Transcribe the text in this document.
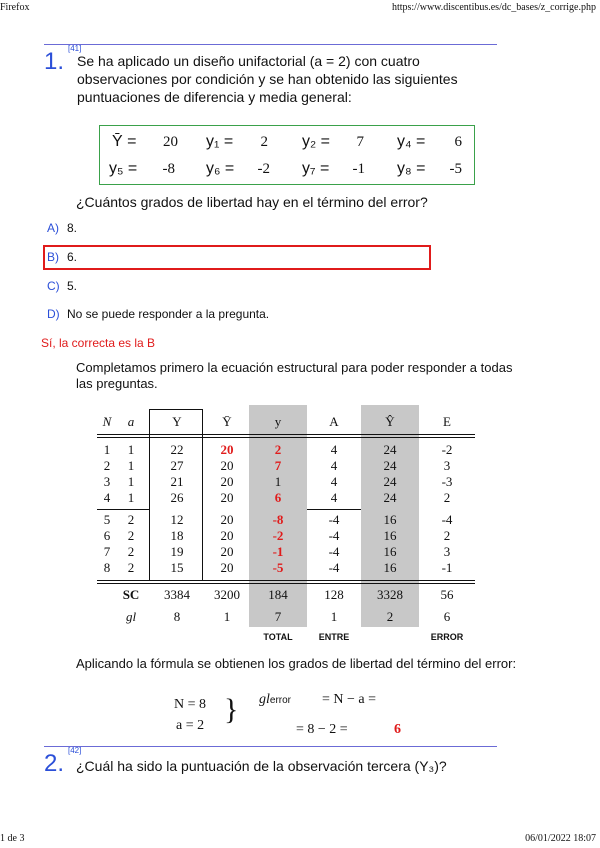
Firefox	https://www.discentibus.es/dc_bases/z_corrige.php
[41]
1. Se ha aplicado un diseño unifactorial (a = 2) con cuatro
observaciones por condición y se han obtenido las siguientes
puntuaciones de diferencia y media general:
Ȳ =	20 y₁ =	2 y₂ =	7 y₄ =	6
y₅ =	-8 y₆ =	-2 y₇ =	-1 y₈ =	-5
¿Cuántos grados de libertad hay en el término del error?
A) 8.
B) 6.
C) 5.
D) No se puede responder a la pregunta.
Sí, la correcta es la B
Completamos primero la ecuación estructural para poder responder a todas
las preguntas.
N	a	Y	Ȳ	y	A	Ŷ	E
1	1	22	20	2	4	24	-2
2	1	27	20	7	4	24	3
3	1	21	20	1	4	24	-3
4	1	26	20	6	4	24	2
5	2	12	20	-8	-4	16	-4
6	2	18	20	-2	-4	16	2
7	2	19	20	-1	-4	16	3
8	2	15	20	-5	-4	16	-1
SC	3384	3200	184	128	3328	56
gl	8	1	7	1	2	6
TOTAL	ENTRE	ERROR
Aplicando la fórmula se obtienen los grados de libertad del término del error:
N = 8
a = 2 } glerror = N − a =
= 8 − 2 =	6
[42]
2. ¿Cuál ha sido la puntuación de la observación tercera (Y₃)?
1 de 3	06/01/2022 18:07
